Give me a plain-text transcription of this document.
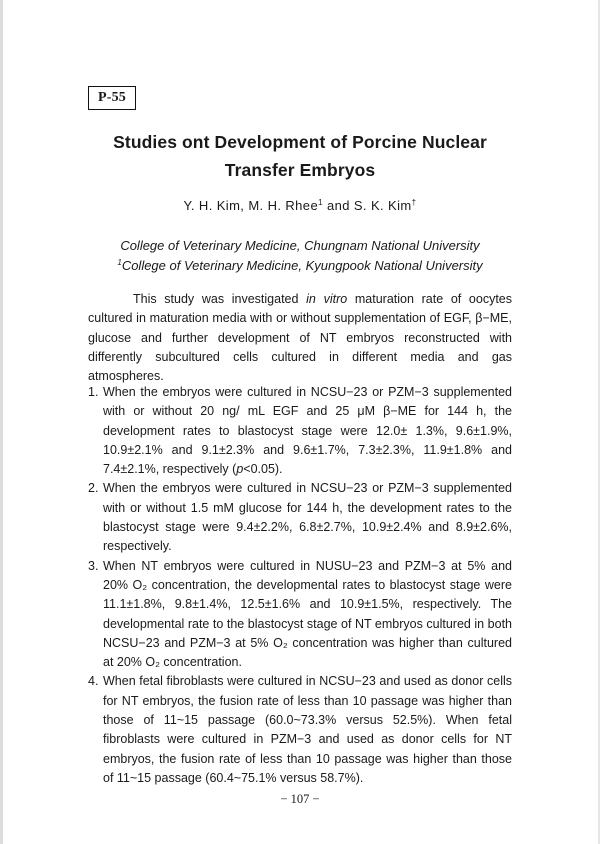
P-55
Studies ont Development of Porcine Nuclear
Transfer Embryos
Y. H. Kim, M. H. Rhee$^1$ and S. K. Kim†
College of Veterinary Medicine, Chungnam National University
$^1$College of Veterinary Medicine, Kyungpook National University
This study was investigated in vitro maturation rate of oocytes cultured in maturation media with or without supplementation of EGF, β−ME, glucose and further development of NT embryos reconstructed with differently subcultured cells cultured in different media and gas atmospheres.
1. When the embryos were cultured in NCSU−23 or PZM−3 supplemented with or without 20 ng/ mL EGF and 25 μM β−ME for 144 h, the development rates to blastocyst stage were 12.0± 1.3%, 9.6±1.9%, 10.9±2.1% and 9.1±2.3% and 9.6±1.7%, 7.3±2.3%, 11.9±1.8% and 7.4±2.1%, respectively (p<0.05).
2. When the embryos were cultured in NCSU−23 or PZM−3 supplemented with or without 1.5 mM glucose for 144 h, the development rates to the blastocyst stage were 9.4±2.2%, 6.8±2.7%, 10.9±2.4% and 8.9±2.6%, respectively.
3. When NT embryos were cultured in NUSU−23 and PZM−3 at 5% and 20% O₂ concentration, the developmental rates to blastocyst stage were 11.1±1.8%, 9.8±1.4%, 12.5±1.6% and 10.9±1.5%, respectively. The developmental rate to the blastocyst stage of NT embryos cultured in both NCSU−23 and PZM−3 at 5% O₂ concentration was higher than cultured at 20% O₂ concentration.
4. When fetal fibroblasts were cultured in NCSU−23 and used as donor cells for NT embryos, the fusion rate of less than 10 passage was higher than those of 11~15 passage (60.0~73.3% versus 52.5%). When fetal fibroblasts were cultured in PZM−3 and used as donor cells for NT embryos, the fusion rate of less than 10 passage was higher than those of 11~15 passage (60.4~75.1% versus 58.7%).
− 107 −
